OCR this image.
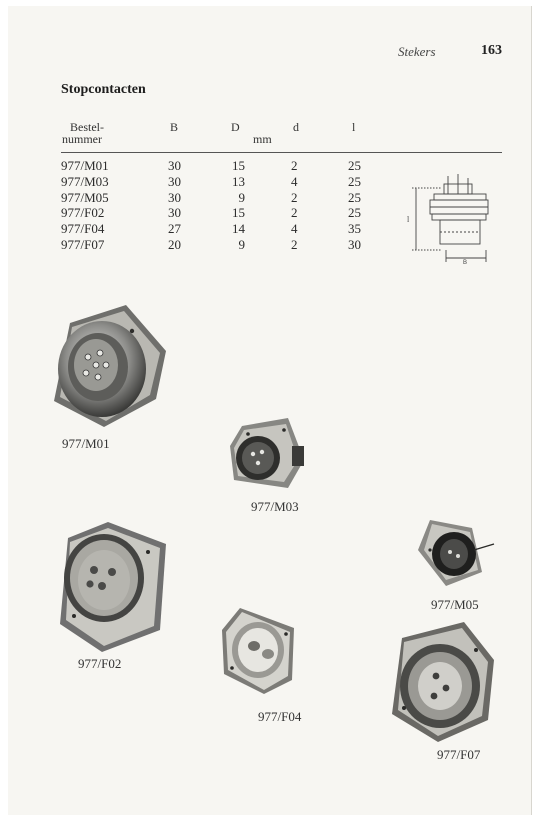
Stekers	163
Stopcontacten
Bestel-
nummer
B	D	d	l
mm
977/M01	30	15	2	25
977/M03	30	13	4	25
977/M05	30	9	2	25
977/F02	30	15	2	25
977/F04	27	14	4	35
977/F07	20	9	2	30
l
B
977/M01
977/M03
977/F02
977/M05
977/F04
977/F07
